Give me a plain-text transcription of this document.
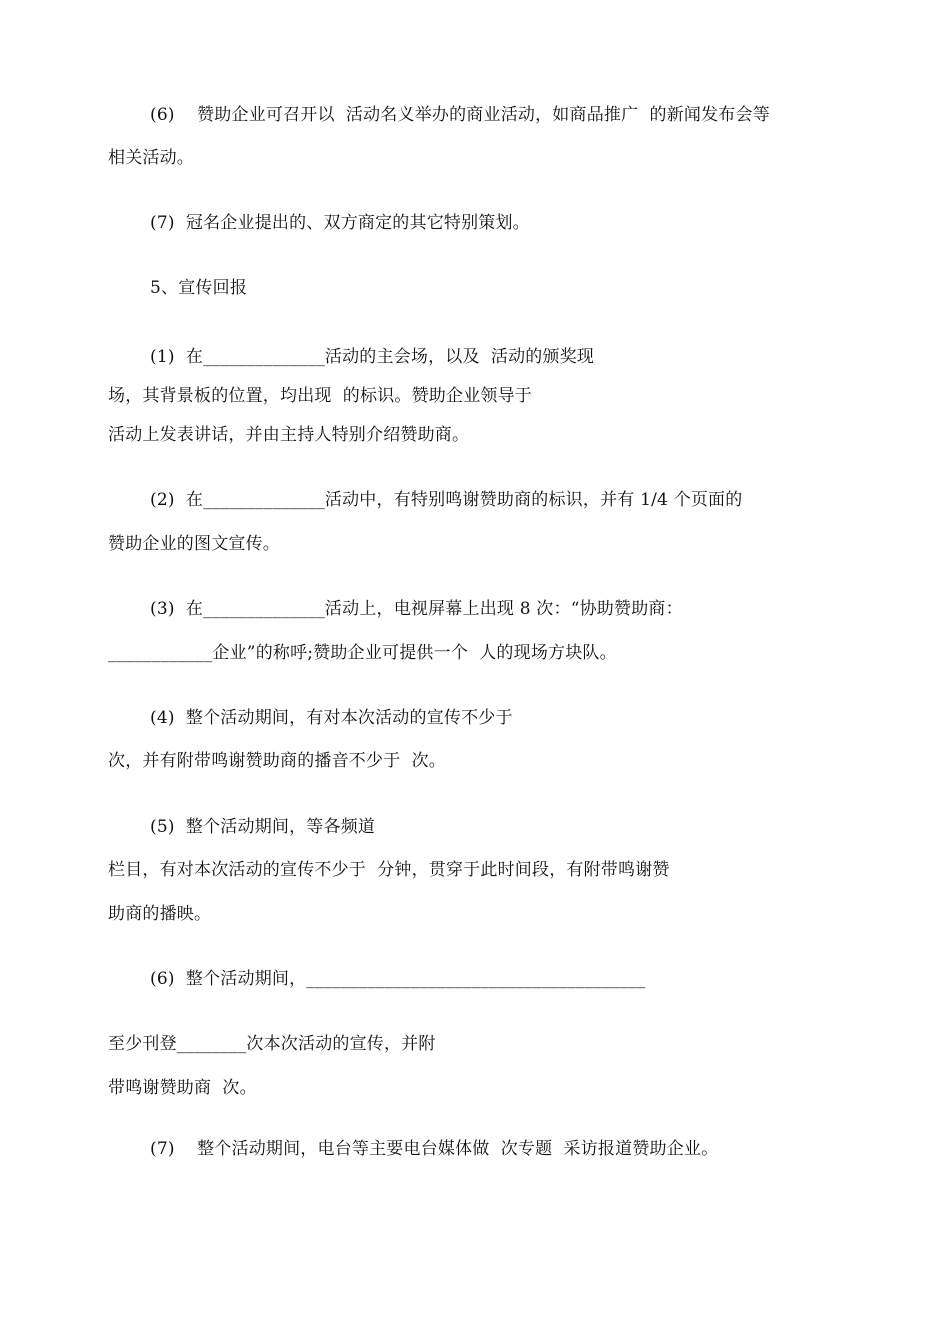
(6)    赞助企业可召开以  活动名义举办的商业活动，如商品推广  的新闻发布会等
相关活动。
(7)  冠名企业提出的、双方商定的其它特别策划。
5、宣传回报
(1)  在______________活动的主会场，以及  活动的颁奖现
场，其背景板的位置，均出现  的标识。赞助企业领导于
活动上发表讲话，并由主持人特别介绍赞助商。
(2)  在______________活动中，有特别鸣谢赞助商的标识，并有 1/4 个页面的
赞助企业的图文宣传。
(3)  在______________活动上，电视屏幕上出现 8 次：“协助赞助商：
____________企业”的称呼;赞助企业可提供一个  人的现场方块队。
(4)  整个活动期间，有对本次活动的宣传不少于
次，并有附带鸣谢赞助商的播音不少于  次。
(5)  整个活动期间，等各频道
栏目，有对本次活动的宣传不少于  分钟，贯穿于此时间段，有附带鸣谢赞
助商的播映。
(6)  整个活动期间，_______________________________________
至少刊登________次本次活动的宣传，并附
带鸣谢赞助商  次。
(7)    整个活动期间，电台等主要电台媒体做  次专题  采访报道赞助企业。
